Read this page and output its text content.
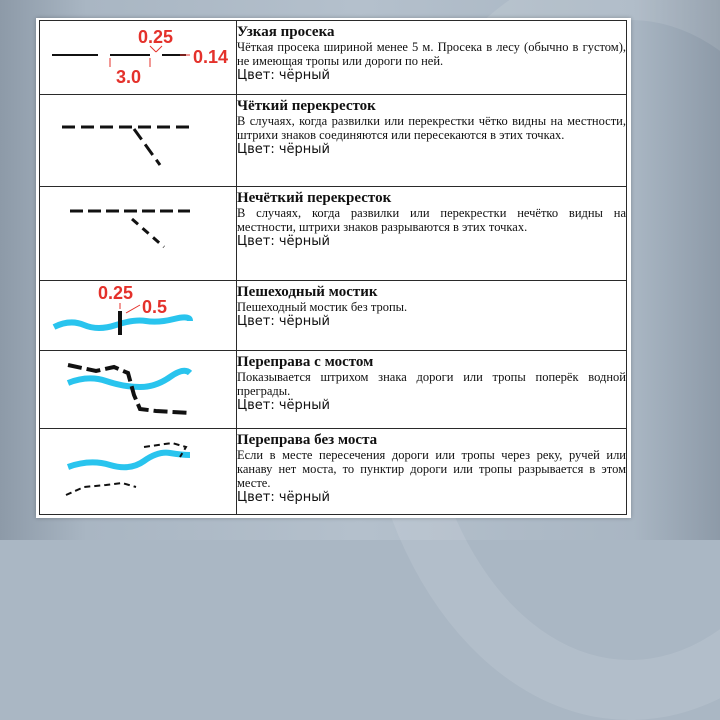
0.25
0.14
3.0	Узкая просека
Чёткая просека шириной менее 5 м. Просека в лесу (обычно в густом), не имеющая тропы или дороги по ней.
Цвет: чёрный

Чёткий перекресток
В случаях, когда развилки или перекрестки чётко видны на местности, штрихи знаков соединяются или пересекаются в этих точках.
Цвет: чёрный

Нечёткий перекресток
В случаях, когда развилки или перекрестки нечётко видны на местности, штрихи знаков разрываются в этих точках.
Цвет: чёрный

0.25
0.5	Пешеходный мостик
Пешеходный мостик без тропы.
Цвет: чёрный

Переправа с мостом
Показывается штрихом знака дороги или тропы поперёк водной преграды.
Цвет: чёрный

Переправа без моста
Если в месте пересечения дороги или тропы через реку, ручей или канаву нет моста, то пунктир дороги или тропы разрывается в этом месте.
Цвет: чёрный
